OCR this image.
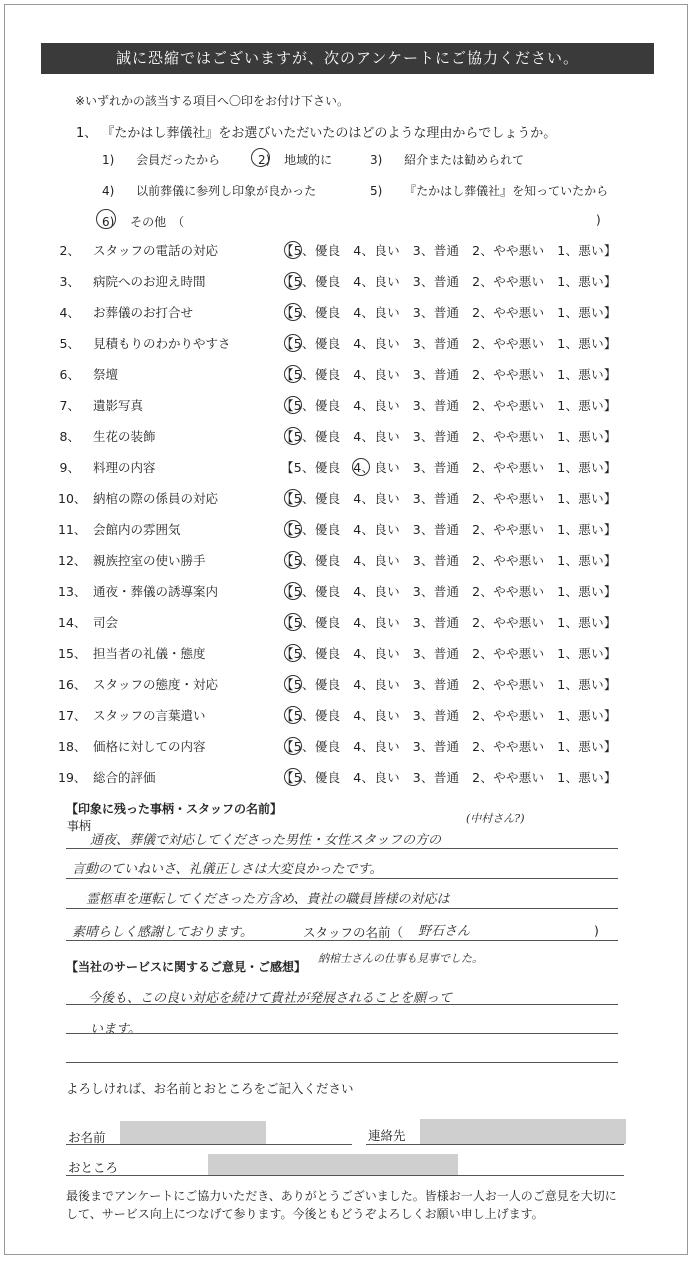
誠に恐縮ではございますが、次のアンケートにご協力ください。
※いずれかの該当する項目へ〇印をお付け下さい。
1、 『たかはし葬儀社』をお選びいただいたのはどのような理由からでしょうか。
1) 会員だったから	2) 地域的に	3) 紹介または勧められて
4) 以前葬儀に参列し印象が良かった	5) 『たかはし葬儀社』を知っていたから
6) その他　（	)
2、 スタッフの電話の対応	【5、優良　4、良い　3、普通　2、やや悪い　1、悪い】
3、 病院へのお迎え時間	【5、優良　4、良い　3、普通　2、やや悪い　1、悪い】
4、 お葬儀のお打合せ	【5、優良　4、良い　3、普通　2、やや悪い　1、悪い】
5、 見積もりのわかりやすさ	【5、優良　4、良い　3、普通　2、やや悪い　1、悪い】
6、 祭壇	【5、優良　4、良い　3、普通　2、やや悪い　1、悪い】
7、 遺影写真	【5、優良　4、良い　3、普通　2、やや悪い　1、悪い】
8、 生花の装飾	【5、優良　4、良い　3、普通　2、やや悪い　1、悪い】
9、 料理の内容	【5、優良　4、良い　3、普通　2、やや悪い　1、悪い】
10、 納棺の際の係員の対応	【5、優良　4、良い　3、普通　2、やや悪い　1、悪い】
11、 会館内の雰囲気	【5、優良　4、良い　3、普通　2、やや悪い　1、悪い】
12、 親族控室の使い勝手	【5、優良　4、良い　3、普通　2、やや悪い　1、悪い】
13、 通夜・葬儀の誘導案内	【5、優良　4、良い　3、普通　2、やや悪い　1、悪い】
14、 司会	【5、優良　4、良い　3、普通　2、やや悪い　1、悪い】
15、 担当者の礼儀・態度	【5、優良　4、良い　3、普通　2、やや悪い　1、悪い】
16、 スタッフの態度・対応	【5、優良　4、良い　3、普通　2、やや悪い　1、悪い】
17、 スタッフの言葉遣い	【5、優良　4、良い　3、普通　2、やや悪い　1、悪い】
18、 価格に対しての内容	【5、優良　4、良い　3、普通　2、やや悪い　1、悪い】
19、 総合的評価	【5、優良　4、良い　3、普通　2、やや悪い　1、悪い】
【印象に残った事柄・スタッフの名前】
事柄
(中村さん?)
通夜、葬儀で対応してくださった男性・女性スタッフの方の
言動のていねいさ、礼儀正しさは大変良かったです。
霊柩車を運転してくださった方含め、貴社の職員皆様の対応は
素晴らしく感謝しております。	スタッフの名前（ 野石さん	)
【当社のサービスに関するご意見・ご感想】
納棺士さんの仕事も見事でした。
今後も、この良い対応を続けて貴社が発展されることを願って
います。
よろしければ、お名前とおところをご記入ください
お名前	連絡先
おところ
最後までアンケートにご協力いただき、ありがとうございました。皆様お一人お一人のご意見を大切にして、サービス向上につなげて参ります。今後ともどうぞよろしくお願い申し上げます。
